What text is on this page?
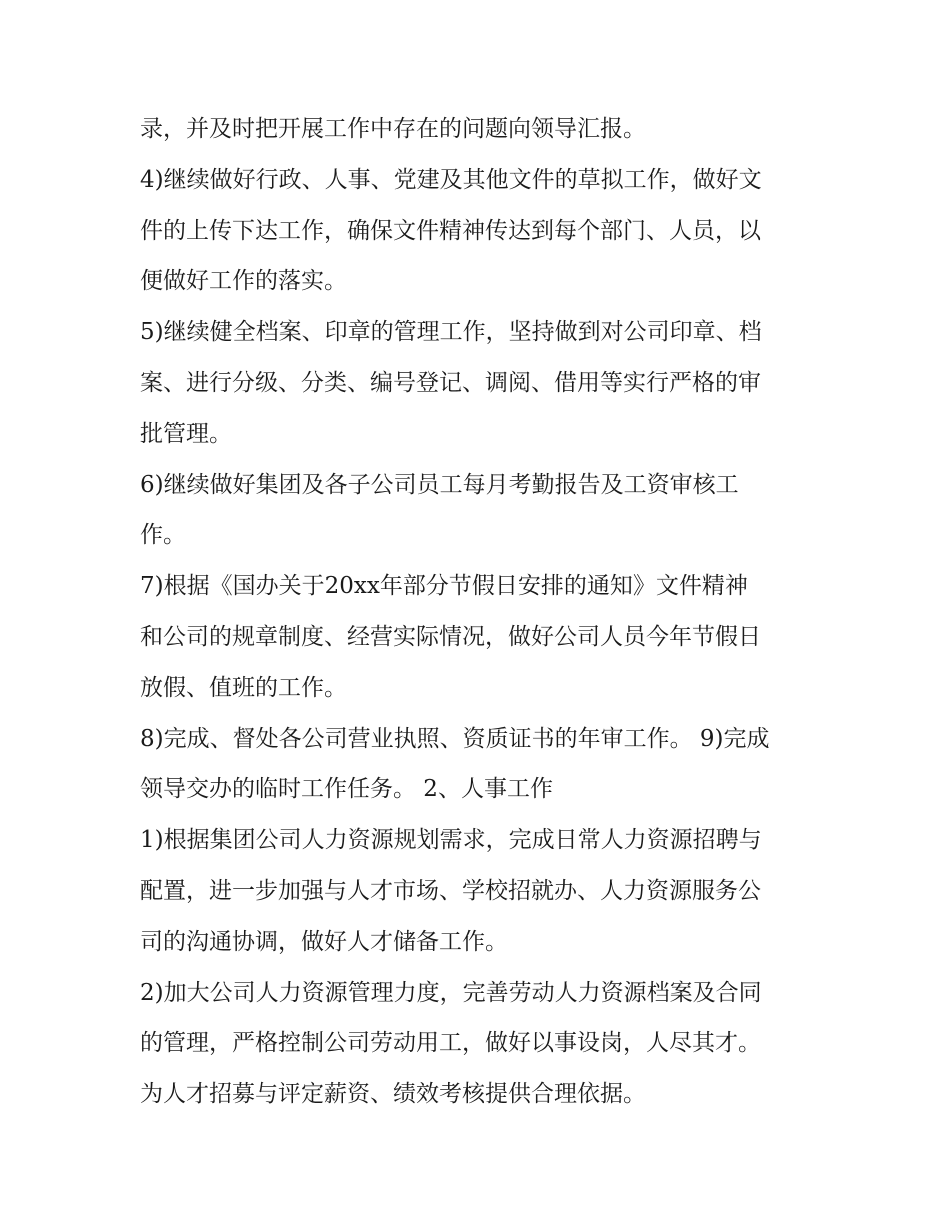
录，并及时把开展工作中存在的问题向领导汇报。
4)继续做好行政、人事、党建及其他文件的草拟工作，做好文
件的上传下达工作，确保文件精神传达到每个部门、人员，以
便做好工作的落实。
5)继续健全档案、印章的管理工作，坚持做到对公司印章、档
案、进行分级、分类、编号登记、调阅、借用等实行严格的审
批管理。
6)继续做好集团及各子公司员工每月考勤报告及工资审核工
作。
7)根据《国办关于20xx年部分节假日安排的通知》文件精神
和公司的规章制度、经营实际情况，做好公司人员今年节假日
放假、值班的工作。
8)完成、督处各公司营业执照、资质证书的年审工作。 9)完成
领导交办的临时工作任务。 2、人事工作
1)根据集团公司人力资源规划需求，完成日常人力资源招聘与
配置，进一步加强与人才市场、学校招就办、人力资源服务公
司的沟通协调，做好人才储备工作。
2)加大公司人力资源管理力度，完善劳动人力资源档案及合同
的管理，严格控制公司劳动用工，做好以事设岗，人尽其才。
为人才招募与评定薪资、绩效考核提供合理依据。
